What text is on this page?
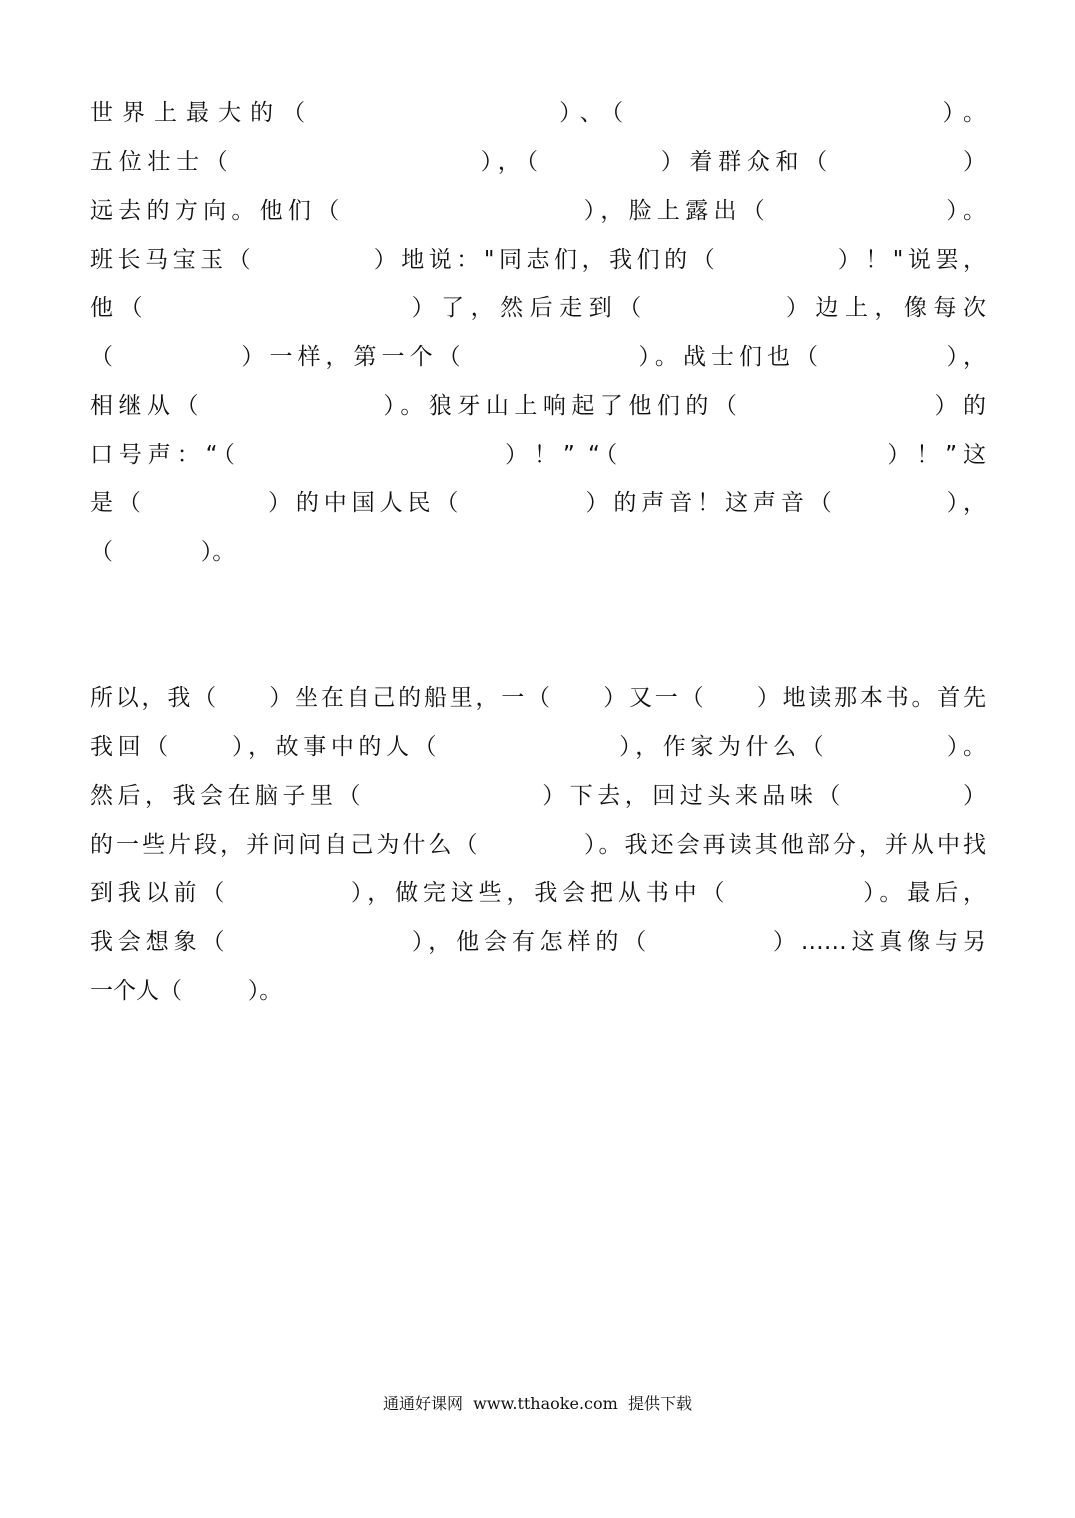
世界上最大的（               ）、（                   ）。
五位壮士（                   ），（         ）着群众和（          ）
远去的方向。他们（                   ），脸上露出（              ）。
班长马宝玉（          ）地说："同志们，我们的（          ）！"说罢，
他（                   ）了，然后走到（          ）边上，像每次
（          ）一样，第一个（              ）。战士们也（          ），
相继从（              ）。狼牙山上响起了他们的（               ）的
口号声：“（                    ）！” “（                    ）！”这
是（          ）的中国人民（          ）的声音！这声音（         ），
（            ）。
所以，我（     ）坐在自己的船里，一（     ）又一（     ）地读那本书。首先
我回（     ），故事中的人（               ），作家为什么（          ）。
然后，我会在脑子里（               ）下去，回过头来品味（          ）
的一些片段，并问问自己为什么（          ）。我还会再读其他部分，并从中找
到我以前（          ），做完这些，我会把从书中（           ）。最后，
我会想象（               ），他会有怎样的（          ）……这真像与另
一个人（         ）。
通通好课网  www.tthaoke.com  提供下载
